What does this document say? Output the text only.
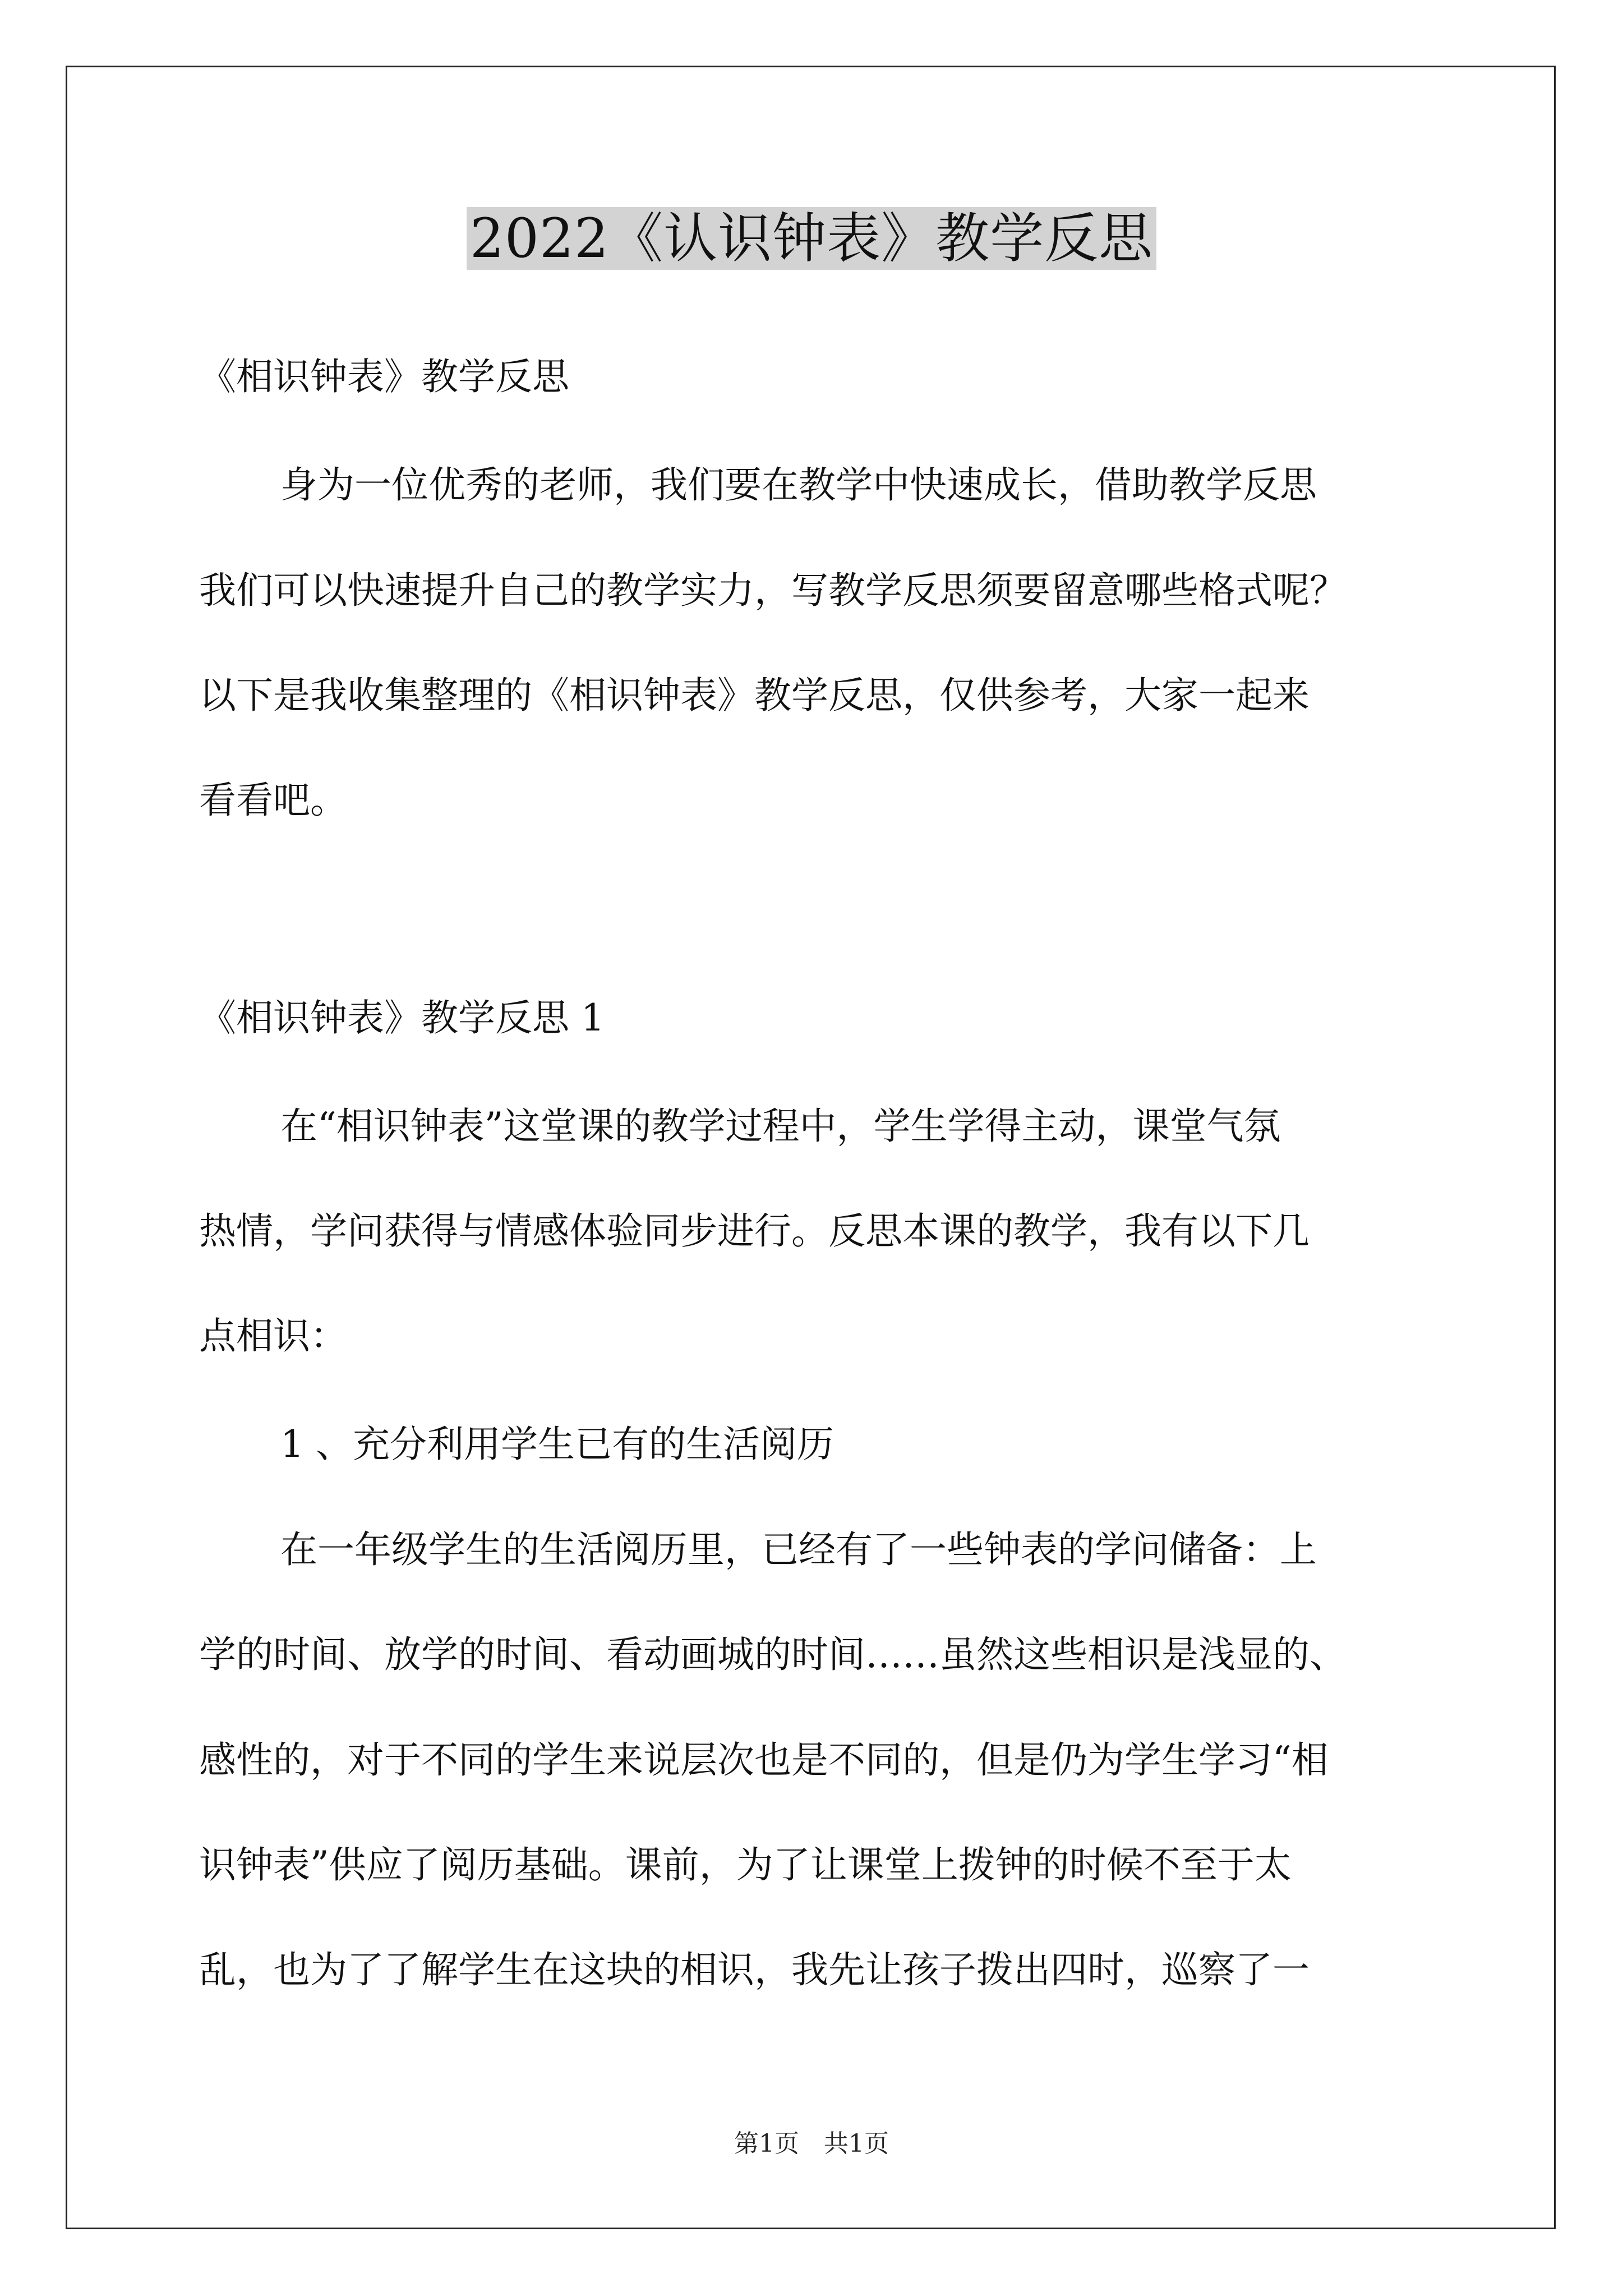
2022《认识钟表》教学反思
《相识钟表》教学反思
身为一位优秀的老师，我们要在教学中快速成长，借助教学反思
我们可以快速提升自己的教学实力，写教学反思须要留意哪些格式呢？
以下是我收集整理的《相识钟表》教学反思，仅供参考，大家一起来
看看吧。
《相识钟表》教学反思 1
在“相识钟表”这堂课的教学过程中，学生学得主动，课堂气氛
热情，学问获得与情感体验同步进行。反思本课的教学，我有以下几
点相识：
1 、充分利用学生已有的生活阅历
在一年级学生的生活阅历里，已经有了一些钟表的学问储备：上
学的时间、放学的时间、看动画城的时间……虽然这些相识是浅显的、
感性的，对于不同的学生来说层次也是不同的，但是仍为学生学习“相
识钟表”供应了阅历基础。课前，为了让课堂上拨钟的时候不至于太
乱，也为了了解学生在这块的相识，我先让孩子拨出四时，巡察了一
第1页　共1页
